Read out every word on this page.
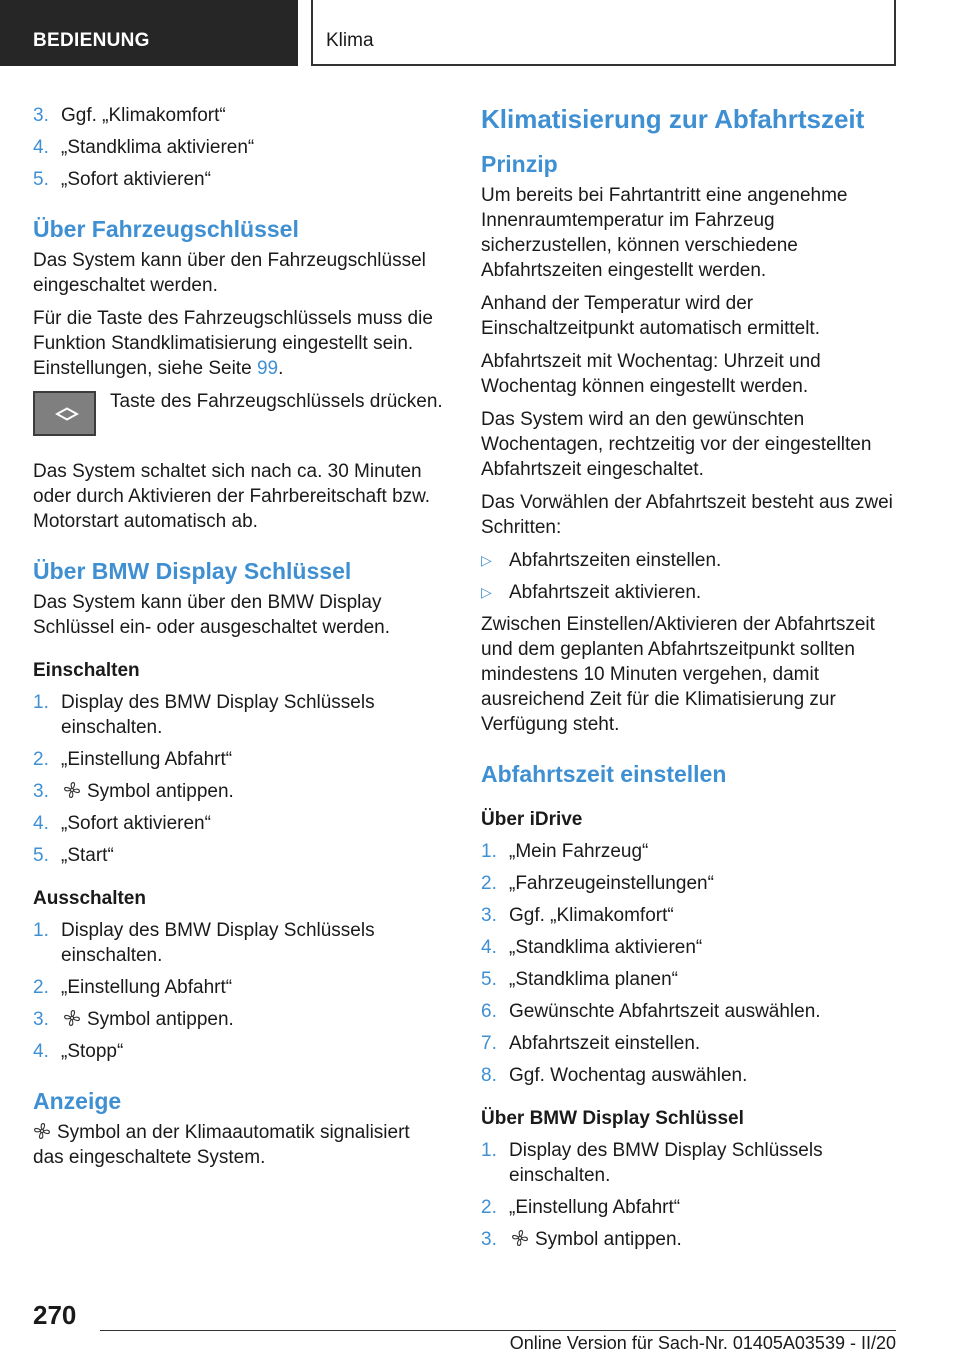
BEDIENUNG	Klima
3. Ggf. „Klimakomfort“
4. „Standklima aktivieren“
5. „Sofort aktivieren“
Über Fahrzeugschlüssel

Das System kann über den Fahrzeugschlüssel eingeschaltet werden.

Für die Taste des Fahrzeugschlüssels muss die Funktion Standklimatisierung eingestellt sein. Einstellungen, siehe Seite 99.

Taste des Fahrzeugschlüssels drücken.

Das System schaltet sich nach ca. 30 Minuten oder durch Aktivieren der Fahrbereitschaft bzw. Motorstart automatisch ab.

Über BMW Display Schlüssel

Das System kann über den BMW Display Schlüssel ein- oder ausgeschaltet werden.

Einschalten
1. Display des BMW Display Schlüssels einschalten.
2. „Einstellung Abfahrt“
3. Symbol antippen.
4. „Sofort aktivieren“
5. „Start“
Ausschalten
1. Display des BMW Display Schlüssels einschalten.
2. „Einstellung Abfahrt“
3. Symbol antippen.
4. „Stopp“
Anzeige

Symbol an der Klimaautomatik signalisiert das eingeschaltete System.

Klimatisierung zur Abfahrtszeit
Prinzip

Um bereits bei Fahrtantritt eine angenehme Innenraumtemperatur im Fahrzeug sicherzustellen, können verschiedene Abfahrtszeiten eingestellt werden.

Anhand der Temperatur wird der Einschaltzeitpunkt automatisch ermittelt.

Abfahrtszeit mit Wochentag: Uhrzeit und Wochentag können eingestellt werden.

Das System wird an den gewünschten Wochentagen, rechtzeitig vor der eingestellten Abfahrtszeit eingeschaltet.

Das Vorwählen der Abfahrtszeit besteht aus zwei Schritten:

▷ Abfahrtszeiten einstellen.
▷ Abfahrtszeit aktivieren.

Zwischen Einstellen/Aktivieren der Abfahrtszeit und dem geplanten Abfahrtszeitpunkt sollten mindestens 10 Minuten vergehen, damit ausreichend Zeit für die Klimatisierung zur Verfügung steht.

Abfahrtszeit einstellen
Über iDrive
1. „Mein Fahrzeug“
2. „Fahrzeugeinstellungen“
3. Ggf. „Klimakomfort“
4. „Standklima aktivieren“
5. „Standklima planen“
6. Gewünschte Abfahrtszeit auswählen.
7. Abfahrtszeit einstellen.
8. Ggf. Wochentag auswählen.
Über BMW Display Schlüssel
1. Display des BMW Display Schlüssels einschalten.
2. „Einstellung Abfahrt“
3. Symbol antippen.
270
Online Version für Sach-Nr. 01405A03539 - II/20
